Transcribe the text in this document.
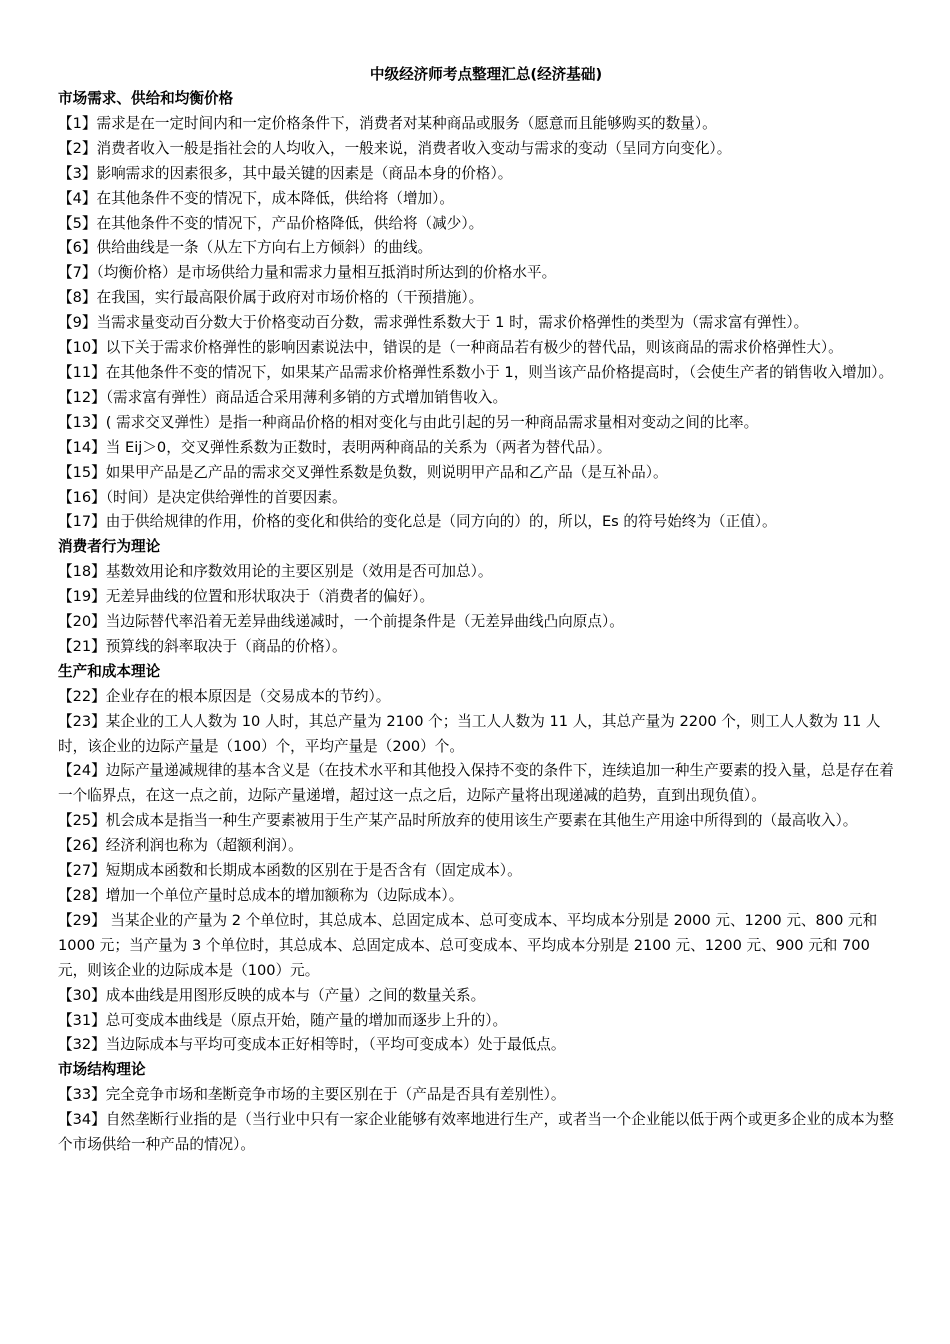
中级经济师考点整理汇总(经济基础)
市场需求、供给和均衡价格

【1】需求是在一定时间内和一定价格条件下，消费者对某种商品或服务（愿意而且能够购买的数量）。

【2】消费者收入一般是指社会的人均收入，一般来说，消费者收入变动与需求的变动（呈同方向变化）。

【3】影响需求的因素很多，其中最关键的因素是（商品本身的价格）。

【4】在其他条件不变的情况下，成本降低，供给将（增加）。

【5】在其他条件不变的情况下，产品价格降低，供给将（减少）。

【6】供给曲线是一条（从左下方向右上方倾斜）的曲线。

【7】（均衡价格）是市场供给力量和需求力量相互抵消时所达到的价格水平。

【8】在我国，实行最高限价属于政府对市场价格的（干预措施）。

【9】当需求量变动百分数大于价格变动百分数，需求弹性系数大于 1 时，需求价格弹性的类型为（需求富有弹性）。

【10】以下关于需求价格弹性的影响因素说法中，错误的是（一种商品若有极少的替代品，则该商品的需求价格弹性大）。

【11】在其他条件不变的情况下，如果某产品需求价格弹性系数小于 1，则当该产品价格提高时，（会使生产者的销售收入增加）。

【12】（需求富有弹性）商品适合采用薄利多销的方式增加销售收入。

【13】( 需求交叉弹性）是指一种商品价格的相对变化与由此引起的另一种商品需求量相对变动之间的比率。

【14】当 Eij＞0，交叉弹性系数为正数时，表明两种商品的关系为（两者为替代品）。

【15】如果甲产品是乙产品的需求交叉弹性系数是负数，则说明甲产品和乙产品（是互补品）。

【16】（时间）是决定供给弹性的首要因素。

【17】由于供给规律的作用，价格的变化和供给的变化总是（同方向的）的，所以，Es 的符号始终为（正值）。

消费者行为理论

【18】基数效用论和序数效用论的主要区别是（效用是否可加总）。

【19】无差异曲线的位置和形状取决于（消费者的偏好）。

【20】当边际替代率沿着无差异曲线递减时，一个前提条件是（无差异曲线凸向原点）。

【21】预算线的斜率取决于（商品的价格）。

生产和成本理论

【22】企业存在的根本原因是（交易成本的节约）。

【23】某企业的工人人数为 10 人时，其总产量为 2100 个；当工人人数为 11 人，其总产量为 2200 个，则工人人数为 11 人时，该企业的边际产量是（100）个，平均产量是（200）个。

【24】边际产量递减规律的基本含义是（在技术水平和其他投入保持不变的条件下，连续追加一种生产要素的投入量，总是存在着一个临界点，在这一点之前，边际产量递增，超过这一点之后，边际产量将出现递减的趋势，直到出现负值）。

【25】机会成本是指当一种生产要素被用于生产某产品时所放弃的使用该生产要素在其他生产用途中所得到的（最高收入）。

【26】经济利润也称为（超额利润）。

【27】短期成本函数和长期成本函数的区别在于是否含有（固定成本）。

【28】增加一个单位产量时总成本的增加额称为（边际成本）。

【29】 当某企业的产量为 2 个单位时，其总成本、总固定成本、总可变成本、平均成本分别是 2000 元、1200 元、800 元和 1000 元；当产量为 3 个单位时，其总成本、总固定成本、总可变成本、平均成本分别是 2100 元、1200 元、900 元和 700 元，则该企业的边际成本是（100）元。

【30】成本曲线是用图形反映的成本与（产量）之间的数量关系。

【31】总可变成本曲线是（原点开始，随产量的增加而逐步上升的）。

【32】当边际成本与平均可变成本正好相等时，（平均可变成本）处于最低点。

市场结构理论

【33】完全竞争市场和垄断竞争市场的主要区别在于（产品是否具有差别性）。

【34】自然垄断行业指的是（当行业中只有一家企业能够有效率地进行生产，或者当一个企业能以低于两个或更多企业的成本为整个市场供给一种产品的情况）。
